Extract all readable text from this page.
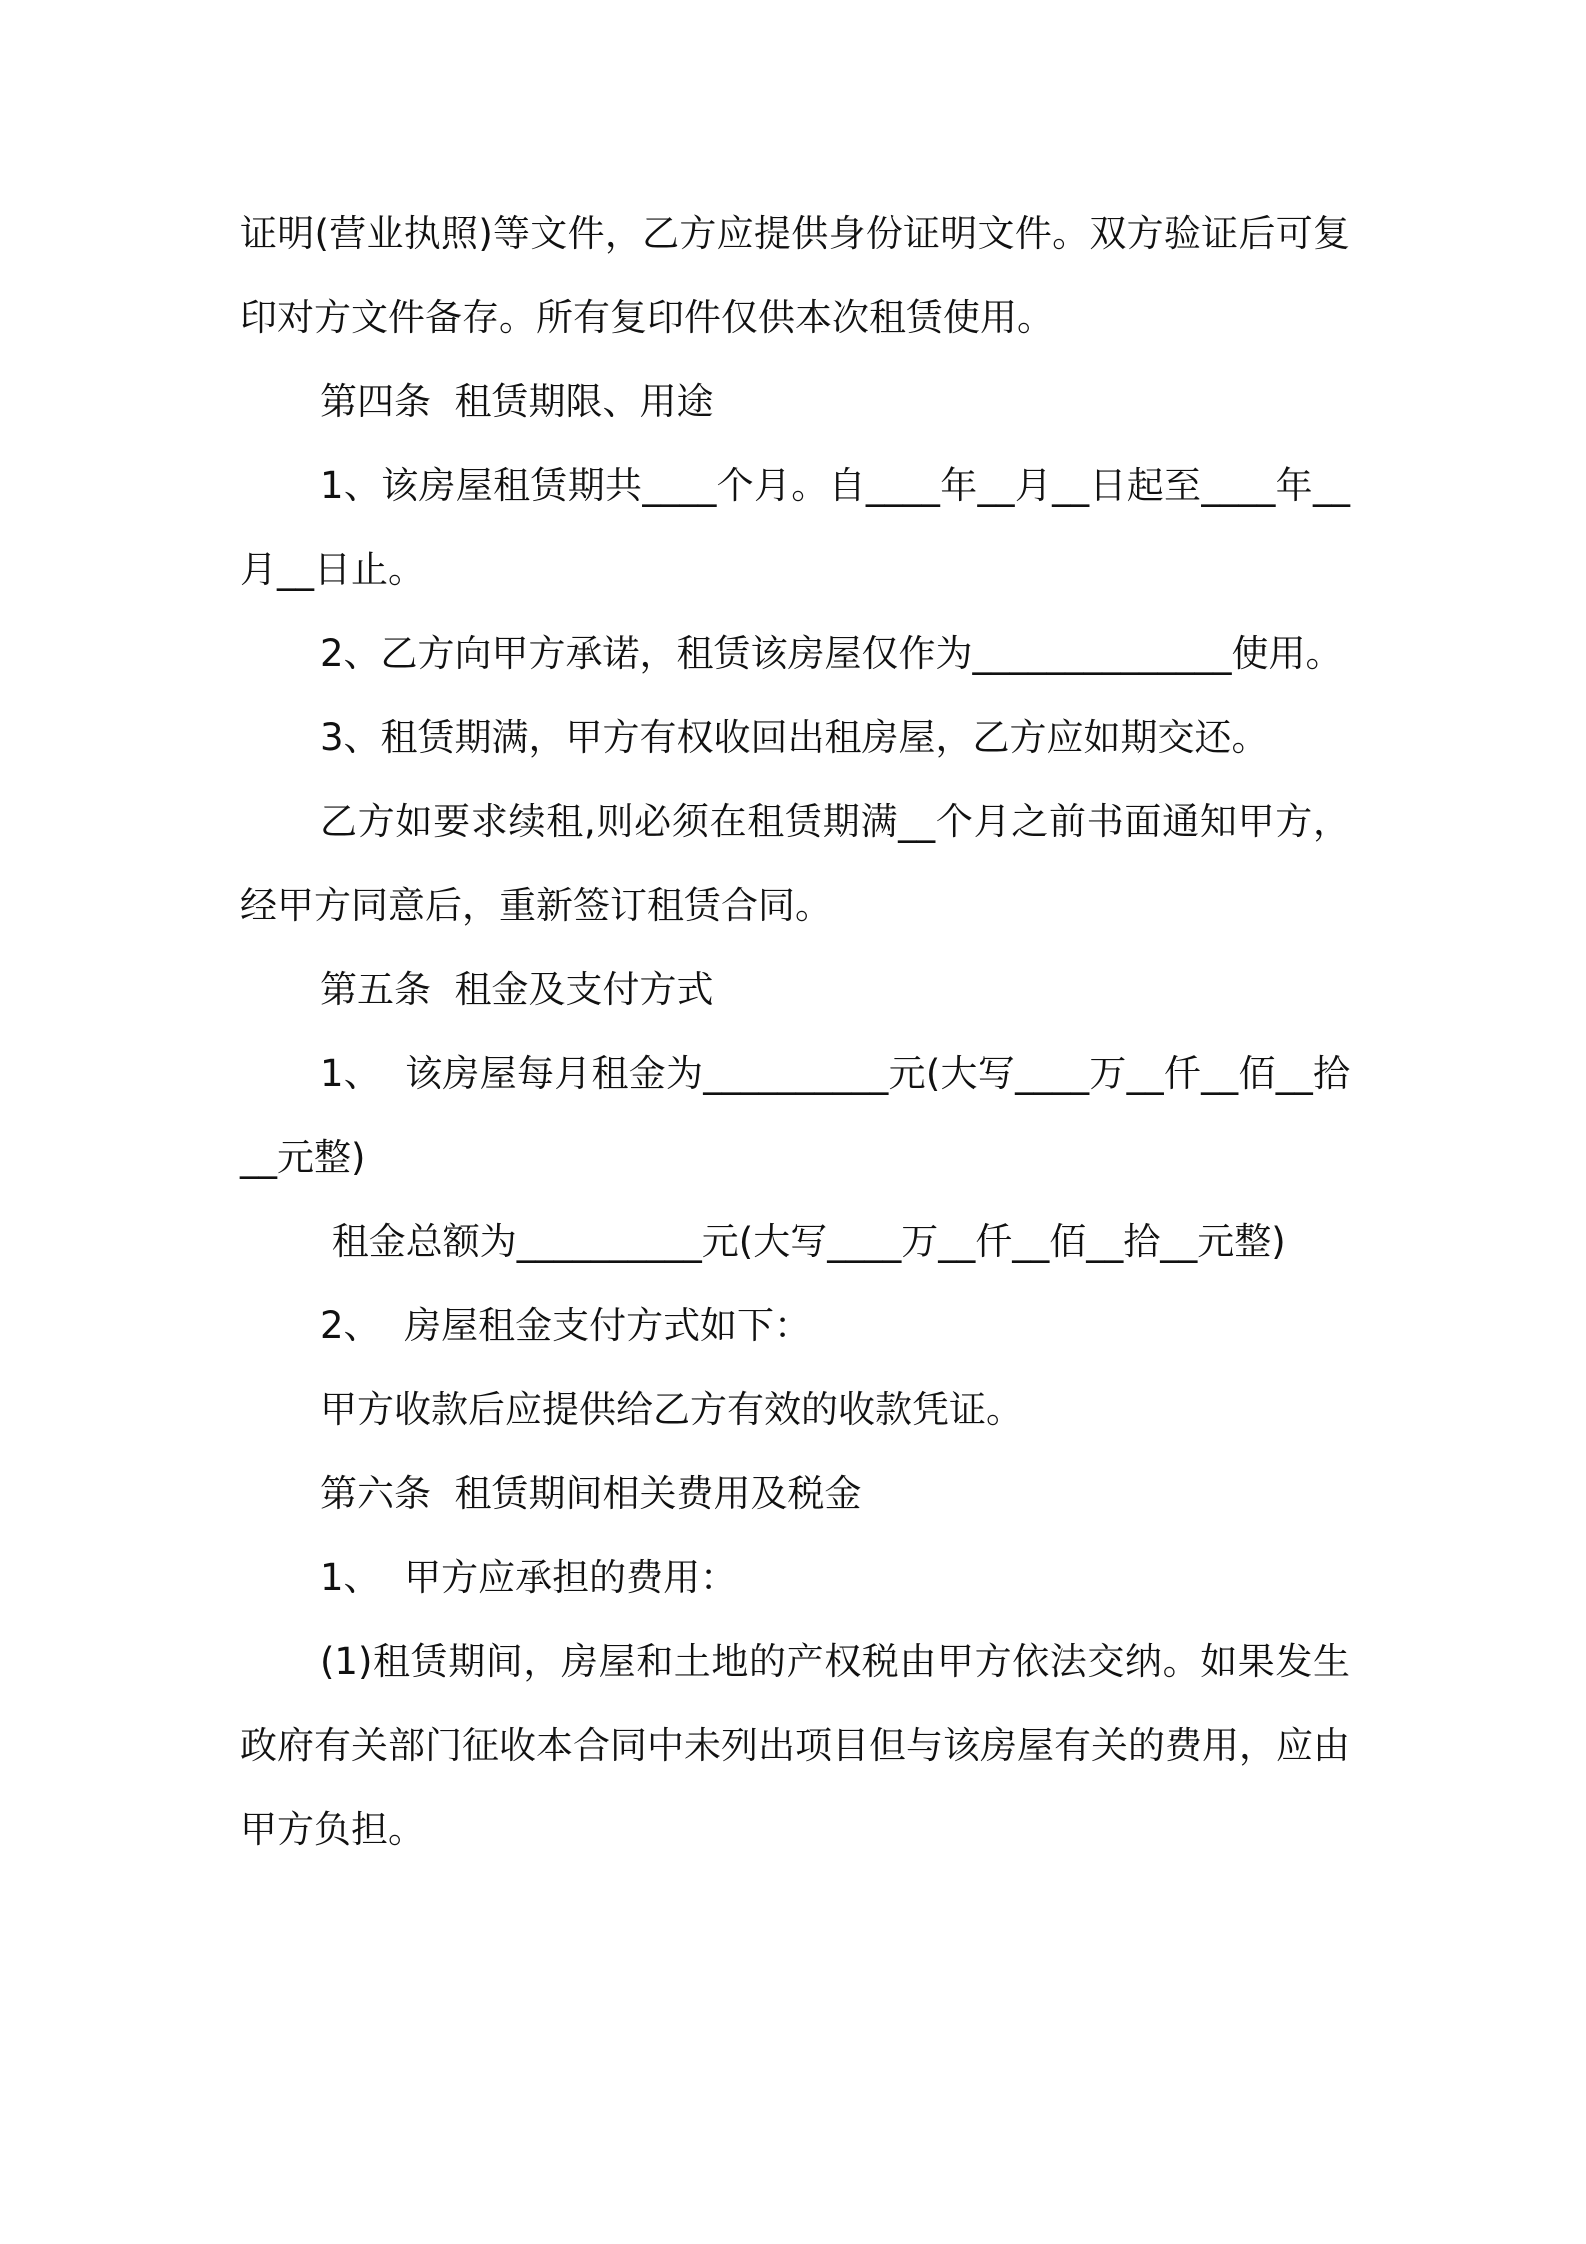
证明(营业执照)等文件，乙方应提供身份证明文件。双方验证后可复印对方文件备存。所有复印件仅供本次租赁使用。

第四条  租赁期限、用途

1、该房屋租赁期共____个月。自____年__月__日起至____年__月__日止。

2、乙方向甲方承诺，租赁该房屋仅作为______________使用。

3、租赁期满，甲方有权收回出租房屋，乙方应如期交还。

乙方如要求续租,则必须在租赁期满__个月之前书面通知甲方，经甲方同意后，重新签订租赁合同。

第五条  租金及支付方式

1、  该房屋每月租金为__________元(大写____万__仟__佰__拾__元整)

租金总额为__________元(大写____万__仟__佰__拾__元整)

2、  房屋租金支付方式如下：

甲方收款后应提供给乙方有效的收款凭证。

第六条  租赁期间相关费用及税金

1、  甲方应承担的费用：

(1)租赁期间，房屋和土地的产权税由甲方依法交纳。如果发生政府有关部门征收本合同中未列出项目但与该房屋有关的费用，应由甲方负担。
